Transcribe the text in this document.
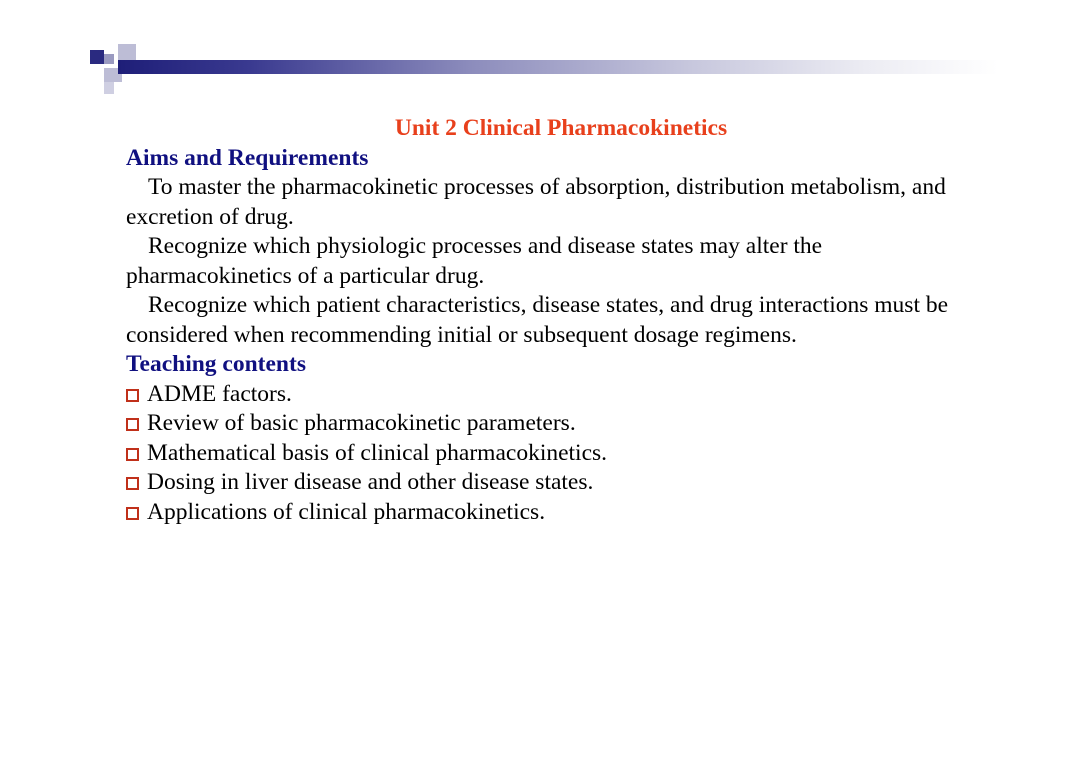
Unit 2 Clinical Pharmacokinetics

Aims and Requirements

To master the pharmacokinetic processes of absorption, distribution metabolism, and excretion of drug.

Recognize which physiologic processes and disease states may alter the pharmacokinetics of a particular drug.

Recognize which patient characteristics, disease states, and drug interactions must be considered when recommending initial or subsequent dosage regimens.

Teaching contents

ADME factors.
Review of basic pharmacokinetic parameters.
Mathematical basis of clinical pharmacokinetics.
Dosing in liver disease and other disease states.
Applications of clinical pharmacokinetics.
